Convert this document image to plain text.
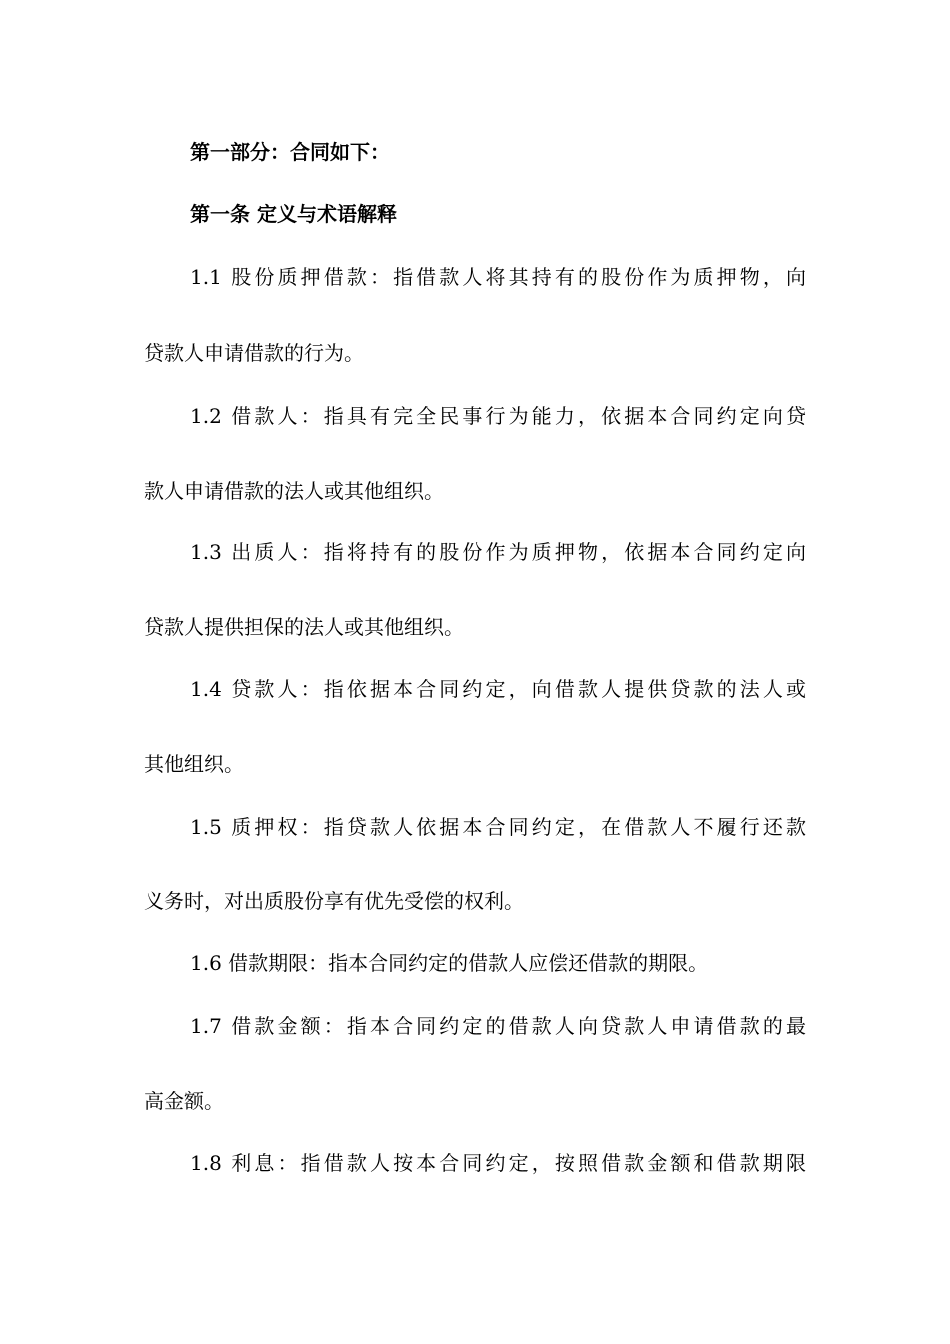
第一部分：合同如下：
第一条 定义与术语解释
1.1 股份质押借款：指借款人将其持有的股份作为质押物，向
贷款人申请借款的行为。
1.2 借款人：指具有完全民事行为能力，依据本合同约定向贷
款人申请借款的法人或其他组织。
1.3 出质人：指将持有的股份作为质押物，依据本合同约定向
贷款人提供担保的法人或其他组织。
1.4 贷款人：指依据本合同约定，向借款人提供贷款的法人或
其他组织。
1.5 质押权：指贷款人依据本合同约定，在借款人不履行还款
义务时，对出质股份享有优先受偿的权利。
1.6 借款期限：指本合同约定的借款人应偿还借款的期限。
1.7 借款金额：指本合同约定的借款人向贷款人申请借款的最
高金额。
1.8 利息：指借款人按本合同约定，按照借款金额和借款期限
